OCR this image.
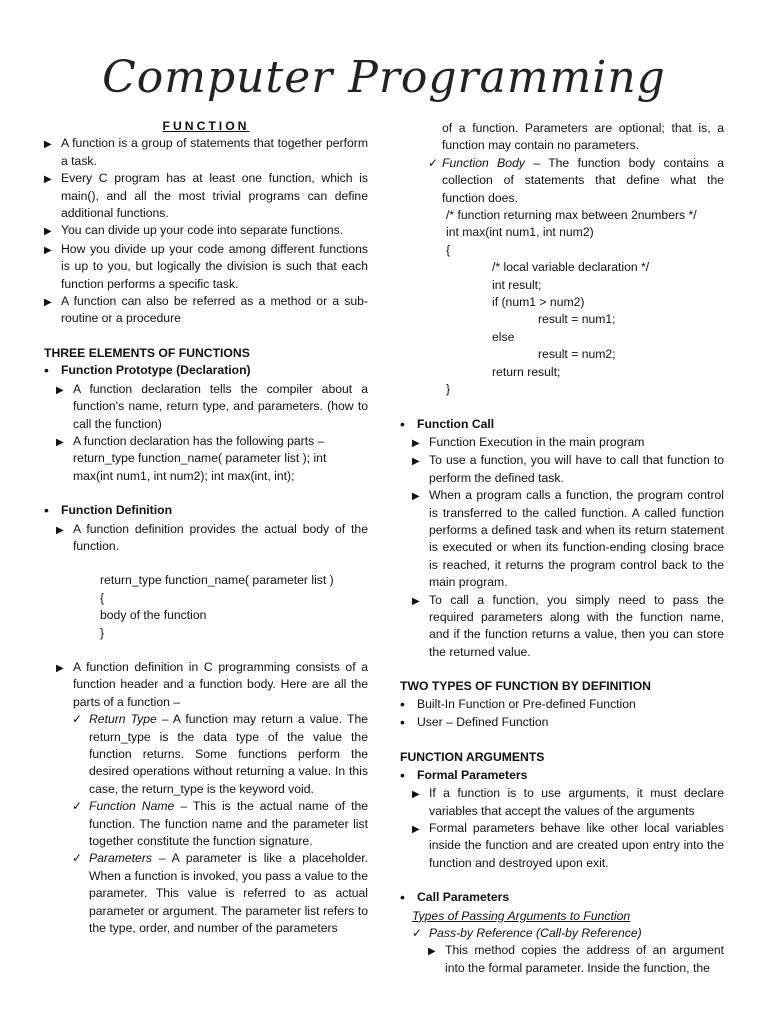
Computer Programming

FUNCTION

▶
A function is a group of statements that together perform a task.
▶
Every C program has at least one function, which is main(), and all the most trivial programs can define additional functions.
▶
You can divide up your code into separate functions.
▶
How you divide up your code among different functions is up to you, but logically the division is such that each function performs a specific task.
▶
A function can also be referred as a method or a sub-routine or a procedure

THREE ELEMENTS OF FUNCTIONS

•
Function Prototype (Declaration)
▶
A function declaration tells the compiler about a function's name, return type, and parameters. (how to call the function)
▶
A function declaration has the following parts – return_type function_name( parameter list ); int max(int num1, int num2); int max(int, int);
•
Function Definition
▶
A function definition provides the actual body of the function.

return_type function_name( parameter list )

{

body of the function

}

▶
A function definition in C programming consists of a function header and a function body. Here are all the parts of a function –
✓
Return Type – A function may return a value. The return_type is the data type of the value the function returns. Some functions perform the desired operations without returning a value. In this case, the return_type is the keyword void.
✓
Function Name – This is the actual name of the function. The function name and the parameter list together constitute the function signature.
✓
Parameters – A parameter is like a placeholder. When a function is invoked, you pass a value to the parameter. This value is referred to as actual parameter or argument. The parameter list refers to the type, order, and number of the parameters

of a function. Parameters are optional; that is, a function may contain no parameters.

✓
Function Body – The function body contains a collection of statements that define what the function does.

/* function returning max between 2numbers */

int max(int num1, int num2)

{

/* local variable declaration */

int result;

if (num1 > num2)

result = num1;

else

result = num2;

return result;

}

•
Function Call
▶
Function Execution in the main program
▶
To use a function, you will have to call that function to perform the defined task.
▶
When a program calls a function, the program control is transferred to the called function. A called function performs a defined task and when its return statement is executed or when its function-ending closing brace is reached, it returns the program control back to the main program.
▶
To call a function, you simply need to pass the required parameters along with the function name, and if the function returns a value, then you can store the returned value.

TWO TYPES OF FUNCTION BY DEFINITION

•
Built-In Function or Pre-defined Function
•
User – Defined Function

FUNCTION ARGUMENTS

•
Formal Parameters
▶
If a function is to use arguments, it must declare variables that accept the values of the arguments
▶
Formal parameters behave like other local variables inside the function and are created upon entry into the function and destroyed upon exit.
•
Call Parameters

Types of Passing Arguments to Function

✓
Pass-by Reference (Call-by Reference)
▶
This method copies the address of an argument into the formal parameter. Inside the function, the
